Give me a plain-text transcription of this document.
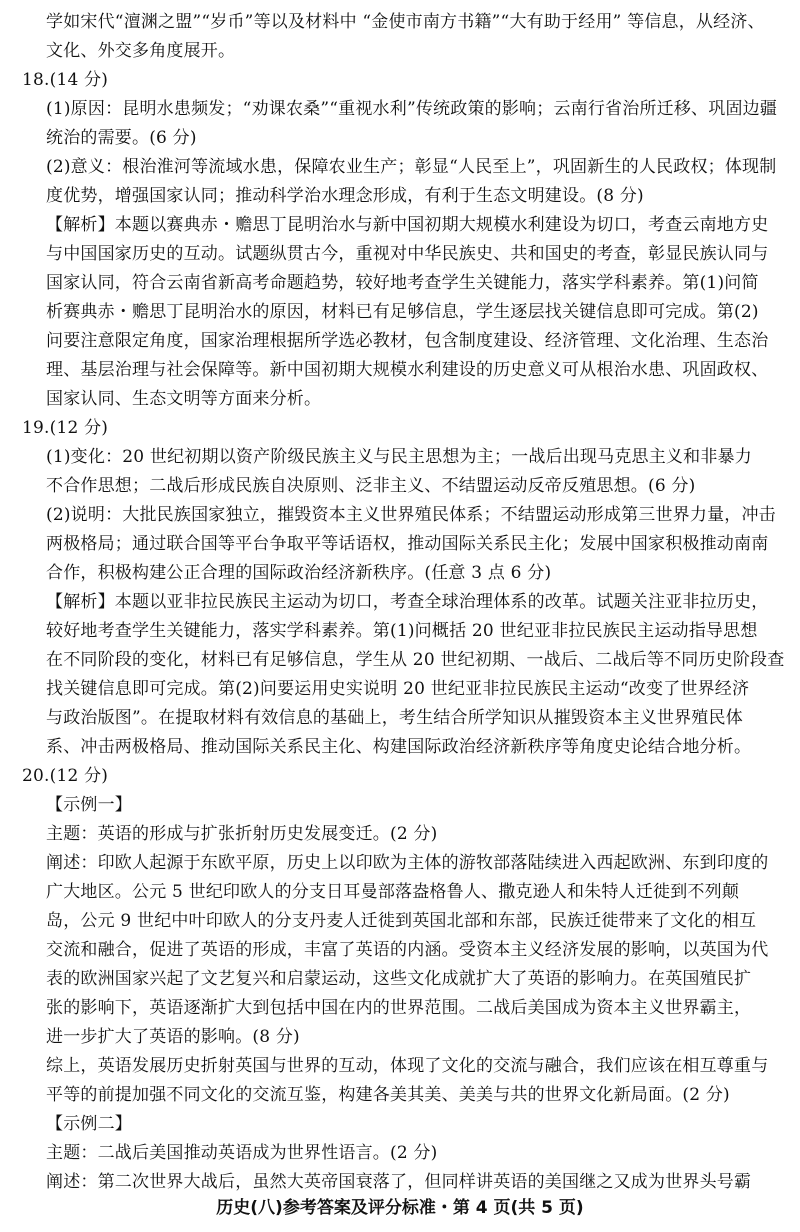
学如宋代“澶渊之盟”“岁币”等以及材料中 “金使市南方书籍”“大有助于经用” 等信息，从经济、
文化、外交多角度展开。
18.(14 分)
(1)原因：昆明水患频发；“劝课农桑”“重视水利”传统政策的影响；云南行省治所迁移、巩固边疆
统治的需要。(6 分)
(2)意义：根治淮河等流域水患，保障农业生产；彰显“人民至上”，巩固新生的人民政权；体现制
度优势，增强国家认同；推动科学治水理念形成，有利于生态文明建设。(8 分)
【解析】本题以赛典赤・赡思丁昆明治水与新中国初期大规模水利建设为切口，考查云南地方史
与中国国家历史的互动。试题纵贯古今，重视对中华民族史、共和国史的考查，彰显民族认同与
国家认同，符合云南省新高考命题趋势，较好地考查学生关键能力，落实学科素养。第(1)问简
析赛典赤・赡思丁昆明治水的原因，材料已有足够信息，学生逐层找关键信息即可完成。第(2)
问要注意限定角度，国家治理根据所学选必教材，包含制度建设、经济管理、文化治理、生态治
理、基层治理与社会保障等。新中国初期大规模水利建设的历史意义可从根治水患、巩固政权、
国家认同、生态文明等方面来分析。
19.(12 分)
(1)变化：20 世纪初期以资产阶级民族主义与民主思想为主；一战后出现马克思主义和非暴力
不合作思想；二战后形成民族自决原则、泛非主义、不结盟运动反帝反殖思想。(6 分)
(2)说明：大批民族国家独立，摧毁资本主义世界殖民体系；不结盟运动形成第三世界力量，冲击
两极格局；通过联合国等平台争取平等话语权，推动国际关系民主化；发展中国家积极推动南南
合作，积极构建公正合理的国际政治经济新秩序。(任意 3 点 6 分)
【解析】本题以亚非拉民族民主运动为切口，考查全球治理体系的改革。试题关注亚非拉历史，
较好地考查学生关键能力，落实学科素养。第(1)问概括 20 世纪亚非拉民族民主运动指导思想
在不同阶段的变化，材料已有足够信息，学生从 20 世纪初期、一战后、二战后等不同历史阶段查
找关键信息即可完成。第(2)问要运用史实说明 20 世纪亚非拉民族民主运动“改变了世界经济
与政治版图”。在提取材料有效信息的基础上，考生结合所学知识从摧毁资本主义世界殖民体
系、冲击两极格局、推动国际关系民主化、构建国际政治经济新秩序等角度史论结合地分析。
20.(12 分)
【示例一】
主题：英语的形成与扩张折射历史发展变迁。(2 分)
阐述：印欧人起源于东欧平原，历史上以印欧为主体的游牧部落陆续进入西起欧洲、东到印度的
广大地区。公元 5 世纪印欧人的分支日耳曼部落盎格鲁人、撒克逊人和朱特人迁徙到不列颠
岛，公元 9 世纪中叶印欧人的分支丹麦人迁徙到英国北部和东部，民族迁徙带来了文化的相互
交流和融合，促进了英语的形成，丰富了英语的内涵。受资本主义经济发展的影响，以英国为代
表的欧洲国家兴起了文艺复兴和启蒙运动，这些文化成就扩大了英语的影响力。在英国殖民扩
张的影响下，英语逐渐扩大到包括中国在内的世界范围。二战后美国成为资本主义世界霸主，
进一步扩大了英语的影响。(8 分)
综上，英语发展历史折射英国与世界的互动，体现了文化的交流与融合，我们应该在相互尊重与
平等的前提加强不同文化的交流互鉴，构建各美其美、美美与共的世界文化新局面。(2 分)
【示例二】
主题：二战后美国推动英语成为世界性语言。(2 分)
阐述：第二次世界大战后，虽然大英帝国衰落了，但同样讲英语的美国继之又成为世界头号霸
历史(八)参考答案及评分标准・第 4 页(共 5 页)
